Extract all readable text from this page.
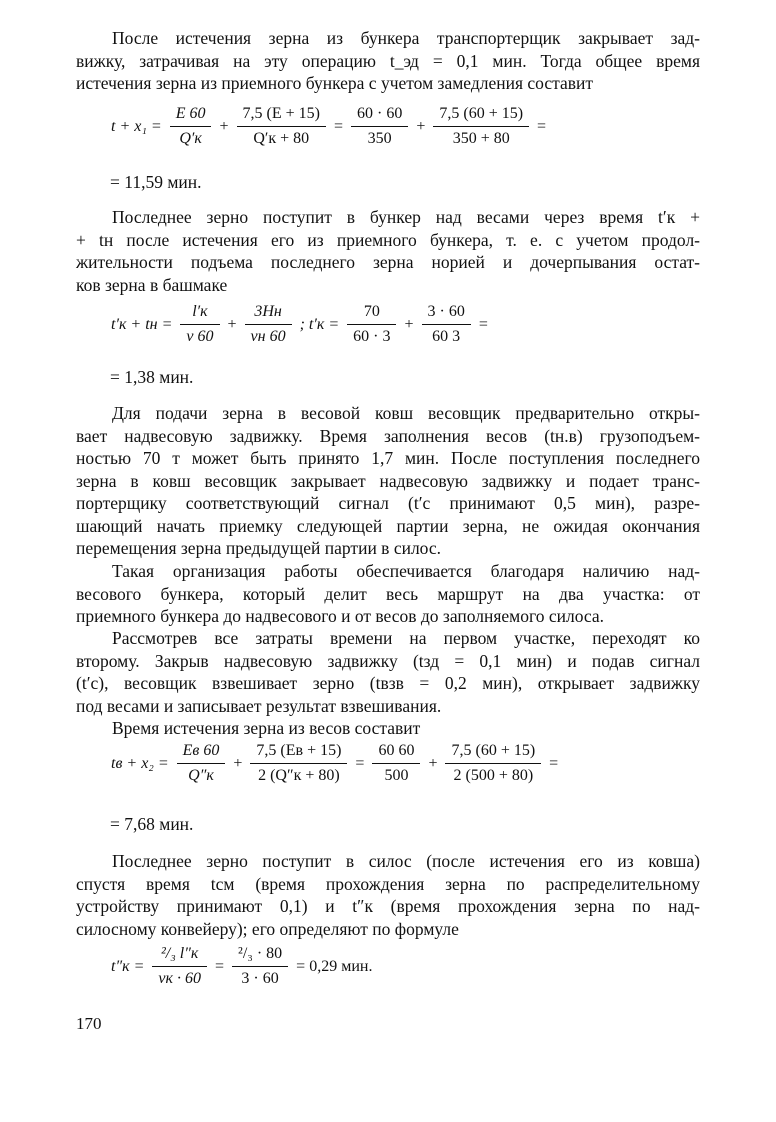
После истечения зерна из бункера транспортерщик закрывает зад-
вижку, затрачивая на эту операцию t_эд = 0,1 мин. Тогда общее время
истечения зерна из приемного бункера с учетом замедления составит
$t + x_1 = \frac{E 60}{Q'к} + \frac{7,5 (E + 15)}{Q'к + 80} = \frac{60 \cdot 60}{350} + \frac{7,5 (60 + 15)}{350 + 80}$ =
= 11,59 мин.
Последнее зерно поступит в бункер над весами через время t′к +
+ tн после истечения его из приемного бункера, т. е. с учетом продол-
жительности подъема последнего зерна норией и дочерпывания остат-
ков зерна в башмаке
t′к + tн = $\frac{l'к}{v 60} + \frac{3Hн}{vн 60}$ ; $t'к = \frac{70}{60 \cdot 3} + \frac{3 \cdot 60}{60 3}$ =
= 1,38 мин.
Для подачи зерна в весовой ковш весовщик предварительно откры-
вает надвесовую задвижку. Время заполнения весов (tн.в) грузоподъем-
ностью 70 т может быть принято 1,7 мин. После поступления последнего
зерна в ковш весовщик закрывает надвесовую задвижку и подает транс-
портерщику соответствующий сигнал (t′с принимают 0,5 мин), разре-
шающий начать приемку следующей партии зерна, не ожидая окончания
перемещения зерна предыдущей партии в силос.
Такая организация работы обеспечивается благодаря наличию над-
весового бункера, который делит весь маршрут на два участка: от
приемного бункера до надвесового и от весов до заполняемого силоса.
Рассмотрев все затраты времени на первом участке, переходят ко
второму. Закрыв надвесовую задвижку (tзд = 0,1 мин) и подав сигнал
(t′с), весовщик взвешивает зерно (tвзв = 0,2 мин), открывает задвижку
под весами и записывает результат взвешивания.
Время истечения зерна из весов составит
tв + $x_2 = \frac{Eв 60}{Q''к} + \frac{7,5 (Eв + 15)}{2 (Q''к + 80)} = \frac{60 60}{500} + \frac{7,5 (60 + 15)}{2 (500 + 80)}$ =
= 7,68 мин.
Последнее зерно поступит в силос (после истечения его из ковша)
спустя время tсм (время прохождения зерна по распределительному
устройству принимают 0,1) и t″к (время прохождения зерна по над-
силосному конвейеру); его определяют по формуле
$t''к = \frac{\text{²/₃ l″к}}{vк \cdot 60} = \frac{\text{²/₃ · 80}}{3 \cdot 60} = 0,29$ мин.
170
